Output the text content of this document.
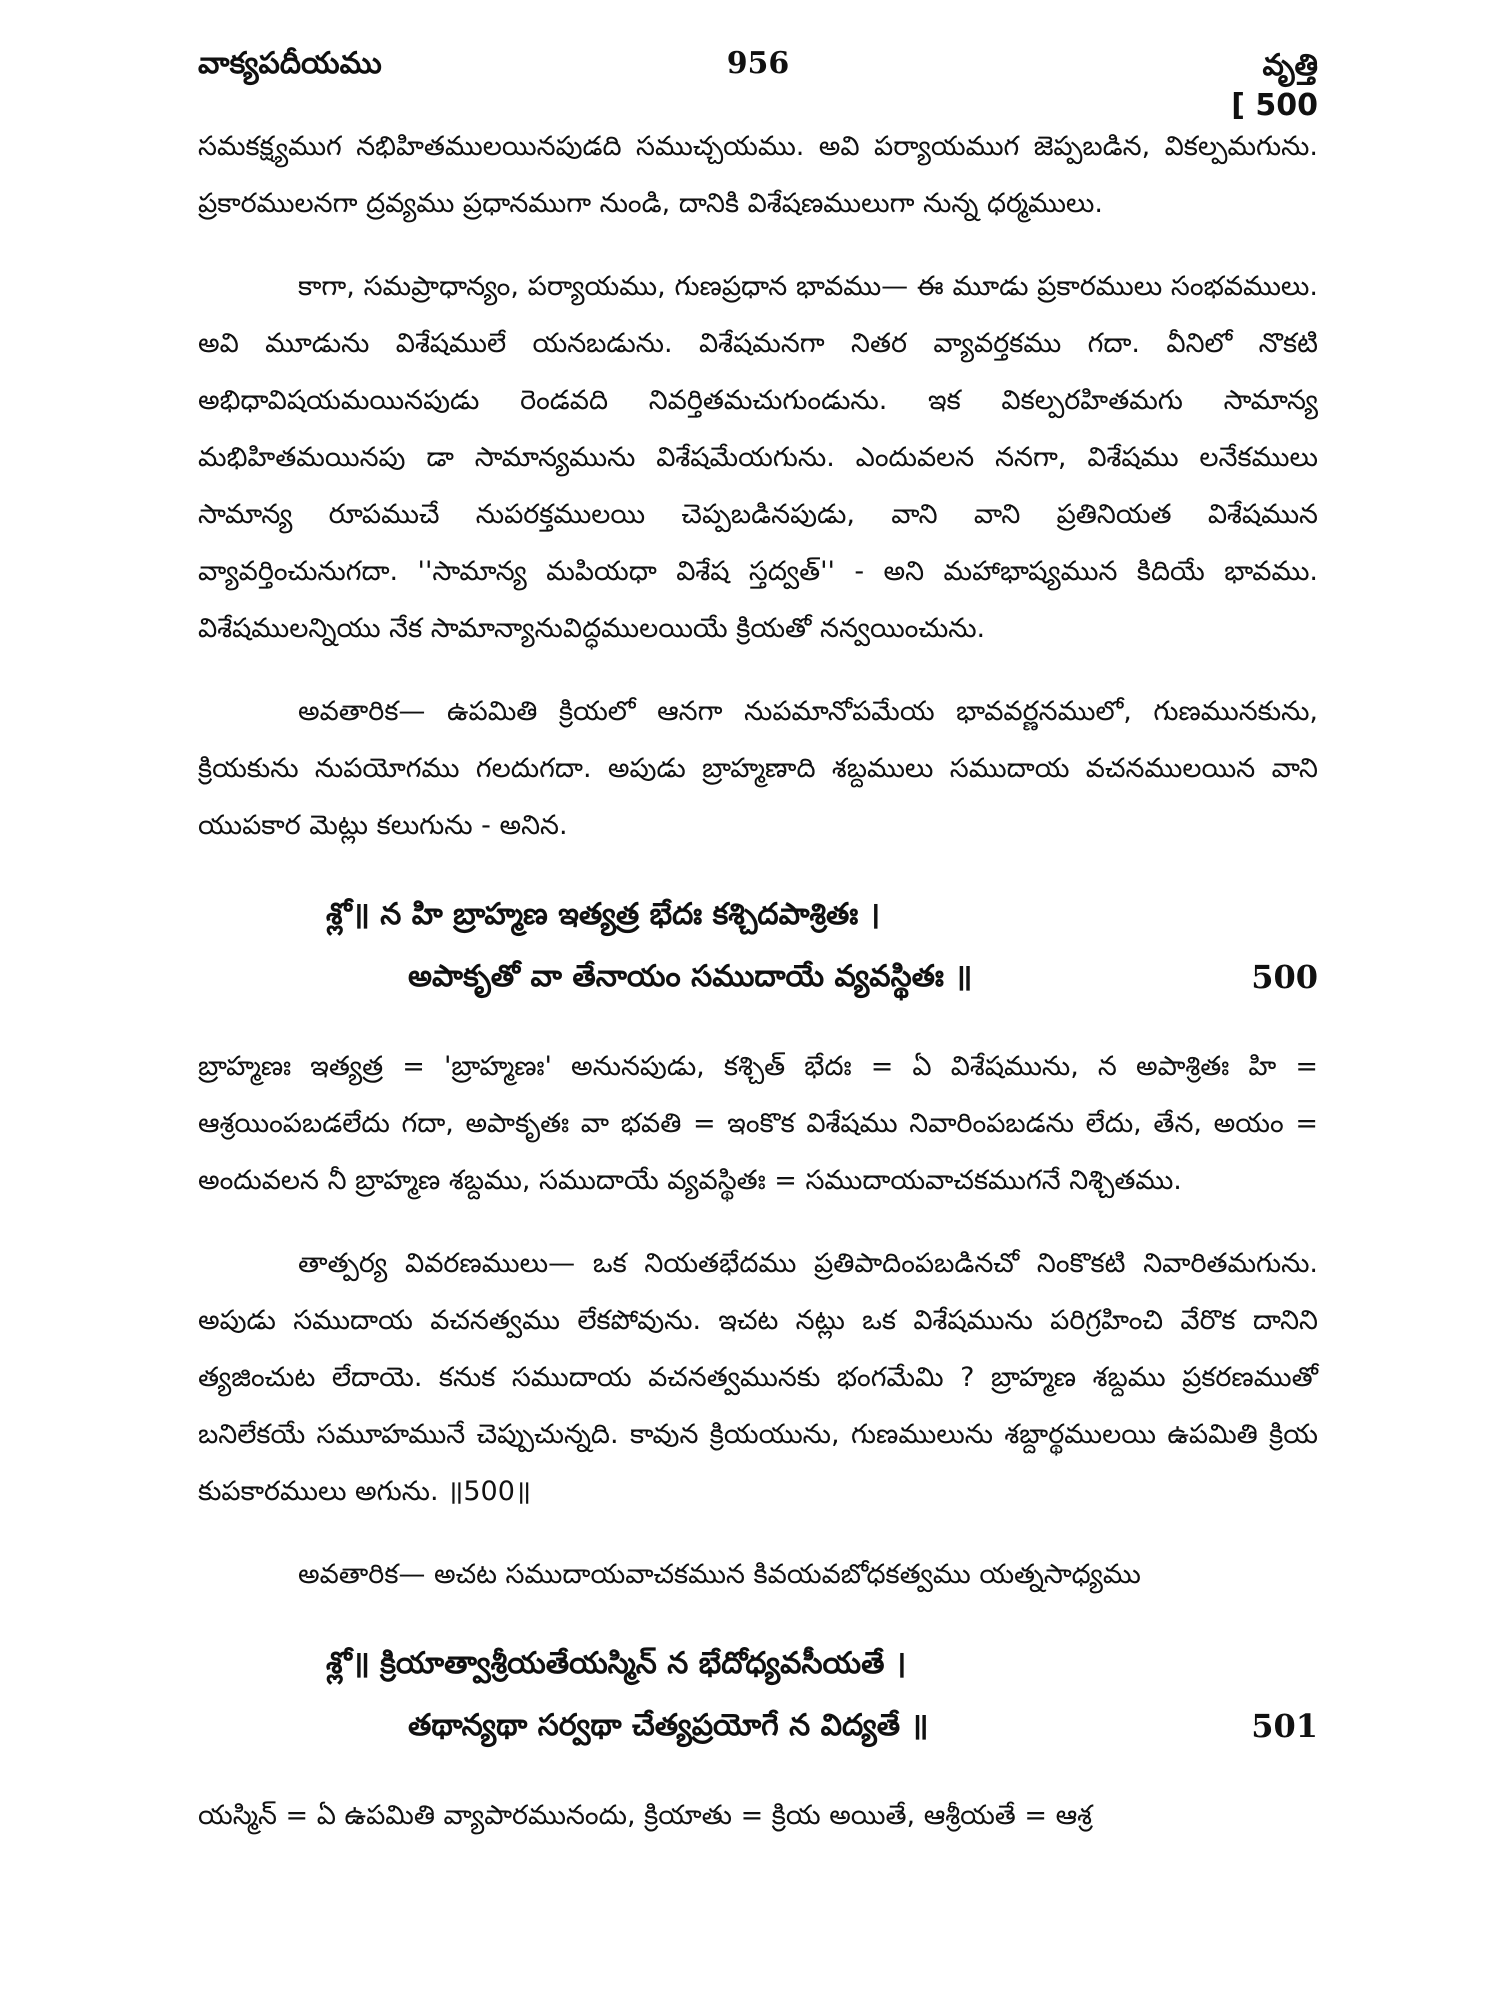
వాక్యపదీయము	956	వృత్తి
[ 500

సమకక్ష్యముగ నభిహితములయినపుడది సముచ్చయము. అవి పర్యాయముగ జెప్పబడిన, వికల్పమగును. ప్రకారములనగా ద్రవ్యము ప్రధానముగా నుండి, దానికి విశేషణములుగా నున్న ధర్మములు.

కాగా, సమప్రాధాన్యం, పర్యాయము, గుణప్రధాన భావము— ఈ మూడు ప్రకారములు సంభవములు. అవి మూడును విశేషములే యనబడును. విశేషమనగా నితర వ్యావర్తకము గదా. వీనిలో నొకటి అభిధావిషయమయినపుడు రెండవది నివర్తితమచుగుండును. ఇక వికల్పరహితమగు సామాన్య మభిహితమయినపు డా సామాన్యమును విశేషమేయగును. ఎందువలన ననగా, విశేషము లనేకములు సామాన్య రూపముచే నుపరక్తములయి చెప్పబడినపుడు, వాని వాని ప్రతినియత విశేషమున వ్యావర్తించునుగదా. ''సామాన్య మపియధా విశేష స్తద్వత్'' - అని మహాభాష్యమున కిదియే భావము. విశేషములన్నియు నేక సామాన్యానువిద్ధములయియే క్రియతో నన్వయించును.

అవతారిక— ఉపమితి క్రియలో ఆనగా నుపమానోపమేయ భావవర్ణనములో, గుణమునకును, క్రియకును నుపయోగము గలదుగదా. అపుడు బ్రాహ్మణాది శబ్దములు సముదాయ వచనములయిన వాని యుపకార మెట్లు కలుగును - అనిన.

శ్లో॥ న హి బ్రాహ్మణ ఇత్యత్ర భేదః కశ్చిదపాశ్రితః ।
అపాకృతో వా తేనాయం సముదాయే వ్యవస్థితః ॥	500

బ్రాహ్మణః ఇత్యత్ర = 'బ్రాహ్మణః' అనునపుడు, కశ్చిత్ భేదః = ఏ విశేషమును, న అపాశ్రితః హి = ఆశ్రయింపబడలేదు గదా, అపాకృతః వా భవతి = ఇంకొక విశేషము నివారింపబడను లేదు, తేన, అయం = అందువలన నీ బ్రాహ్మణ శబ్దము, సముదాయే వ్యవస్థితః = సముదాయవాచకముగనే నిశ్చితము.

తాత్పర్య వివరణములు— ఒక నియతభేదము ప్రతిపాదింపబడినచో నింకొకటి నివారితమగును. అపుడు సముదాయ వచనత్వము లేకపోవును. ఇచట నట్లు ఒక విశేషమును పరిగ్రహించి వేరొక దానిని త్యజించుట లేదాయె. కనుక సముదాయ వచనత్వమునకు భంగమేమి ? బ్రాహ్మణ శబ్దము ప్రకరణముతో బనిలేకయే సమూహమునే చెప్పుచున్నది. కావున క్రియయును, గుణములును శబ్దార్థములయి ఉపమితి క్రియ కుపకారములు అగును. ॥500॥

అవతారిక— అచట సముదాయవాచకమున కివయవబోధకత్వము యత్నసాధ్యము

శ్లో॥ క్రియాత్వాశ్రీయతేయస్మిన్ న భేదోధ్యవసీయతే ।
తథాన్యథా సర్వథా చేత్యప్రయోగే న విద్యతే ॥	501

యస్మిన్ = ఏ ఉపమితి వ్యాపారమునందు, క్రియాతు = క్రియ అయితే, ఆశ్రీయతే = ఆశ్ర
